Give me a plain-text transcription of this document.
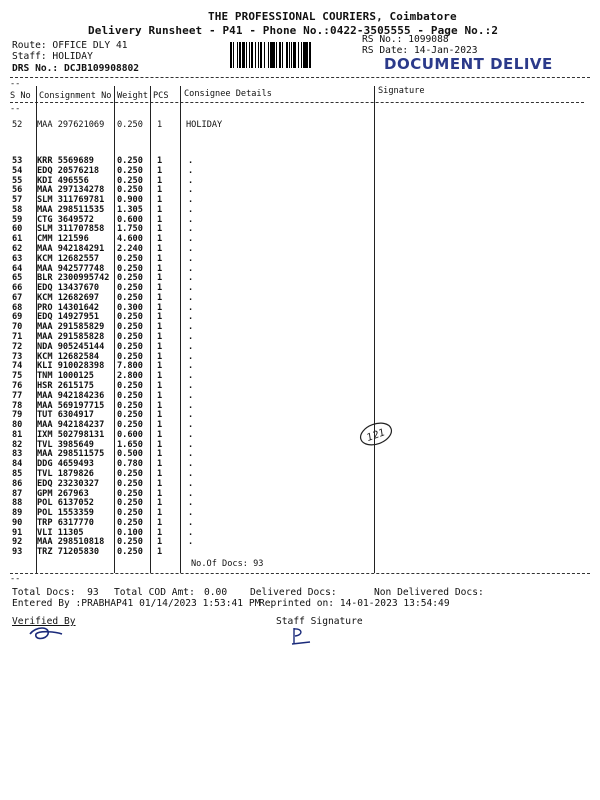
THE PROFESSIONAL COURIERS, Coimbatore
Delivery Runsheet - P41 - Phone No.:0422-3505555 - Page No.:2
Route: OFFICE DLY 41
Staff: HOLIDAY
DRS No.: DCJB109908802
RS No.: 1099088
RS Date: 14-Jan-2023
DOCUMENT DELIVE
--
S No Consignment No Weight PCS Consignee Details	Signature
--
52 MAA 297621069 0.250 1	HOLIDAY
53 KRR 5569689	0.250 1	.
54 EDQ 20576218 0.250 1	.
55 KDI 496556	0.250 1	.
56 MAA 297134278 0.250 1	.
57 SLM 311769781 0.900 1	.
58 MAA 298511535 1.305 1	.
59 CTG 3649572	0.600 1	.
60 SLM 311707858 1.750 1	.
61 CMM 121596	4.600 1	.
62 MAA 942184291 2.240 1	.
63 KCM 12682557 0.250 1	.
64 MAA 942577748 0.250 1	.
65 BLR 2300995742 0.250 1	.
66 EDQ 13437670 0.250 1	.
67 KCM 12682697 0.250 1	.
68 PRO 14301642 0.300 1	.
69 EDQ 14927951 0.250 1	.
70 MAA 291585829 0.250 1	.
71 MAA 291585828 0.250 1	.
72 NDA 905245144 0.250 1	.
73 KCM 12682584 0.250 1	.
74 KLI 910028398 7.800 1	.
75 TNM 1000125	2.800 1	.
76 HSR 2615175	0.250 1	.
77 MAA 942184236 0.250 1	.
78 MAA 569197715 0.250 1	.
79 TUT 6304917	0.250 1	.
80 MAA 942184237 0.250 1	.
81 IXM 502798131 0.600 1	.
82 TVL 3985649	1.650 1	.
83 MAA 298511575 0.500 1	.
84 DDG 4659493	0.780 1	.
85 TVL 1879826	0.250 1	.
86 EDQ 23230327 0.250 1	.
87 GPM 267963	0.250 1	.
88 POL 6137052	0.250 1	.
89 POL 1553359	0.250 1	.
90 TRP 6317770	0.250 1	.
91 VLI 11305	0.100 1	.
92 MAA 298510818 0.250 1	.
93 TRZ 71205830 0.250 1
121
No.Of Docs: 93
--
Total Docs:  93 Total COD Amt: 0.00 Delivered Docs:	Non Delivered Docs:
Entered By :PRABHAP41 01/14/2023 1:53:41 PM
Reprinted on: 14-01-2023 13:54:49
Verified By	Staff Signature
